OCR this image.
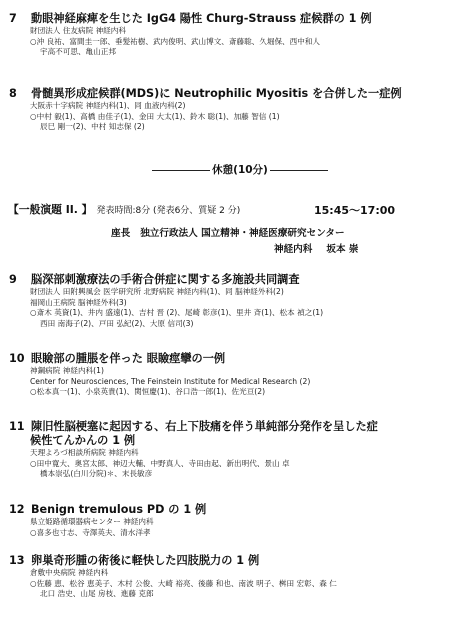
7 動眼神経麻痺を生じた IgG4 陽性 Churg-Strauss 症候群の 1 例
財団法人 住友病院 神経内科
○沖 良祐、富間圭一郎、垂髪祐樹、武内俊明、武山博文、斎藤聡、久堀保、西中和人
宇高不可思、亀山正邦
8 骨髄異形成症候群(MDS)に Neutrophilic Myositis を合併した一症例
大阪赤十字病院 神経内科(1)、同 血液内科(2)
○中村 毅(1)、高橋 由佳子(1)、金田 大太(1)、鈴木 聡(1)、加藤 智信 (1)
辰巳 剛一(2)、中村 知志保 (2)
休憩(10分)
【一般演題 II. 】 発表時間:8分 (発表6分、質疑 2 分)	15:45〜17:00
座長 独立行政法人 国立精神・神経医療研究センター
神経内科 坂本 崇
9 脳深部刺激療法の手術合併症に関する多施設共同調査
財団法人 田附興風会 医学研究所 北野病院 神経内科(1)、同 脳神経外科(2)
福岡山王病院 脳神経外科(3)
○斎木 英資(1)、井内 盛遠(1)、吉村 晋 (2)、尾崎 彰彦(1)、里井 斉(1)、松本 禎之(1)
西田 南海子(2)、戸田 弘紀(2)、大原 信司(3)
10 眼瞼部の腫脹を伴った 眼瞼痙攣の一例
神鋼病院 神経内科(1)
Center for Neurosciences, The Feinstein Institute for Medical Research (2)
○松本真一(1)、小泉英貴(1)、関恒慶(1)、谷口浩一郎(1)、佐光亘(2)
11 陳旧性脳梗塞に起因する、右上下肢痛を伴う単純部分発作を呈した症
候性てんかんの 1 例
天理よろづ相談所病院 神経内科
○田中寛大、奥宮太郎、神辺大輔、中野真人、寺田由起、新出明代、景山 卓
橋本崇弘(白川分院)＊、末長敏彦
12 Benign tremulous PD の 1 例
県立姫路循環器病センター 神経内科
○喜多也寸志、寺澤英夫、清水洋孝
13 卵巣奇形腫の術後に軽快した四肢脱力の 1 例
倉敷中央病院 神経内科
○佐藤 恵、松谷 恵美子、木村 公俊、大崎 裕亮、後藤 和也、南波 明子、桝田 宏彰、森 仁
北口 浩史、山尾 房枝、進藤 克郎
